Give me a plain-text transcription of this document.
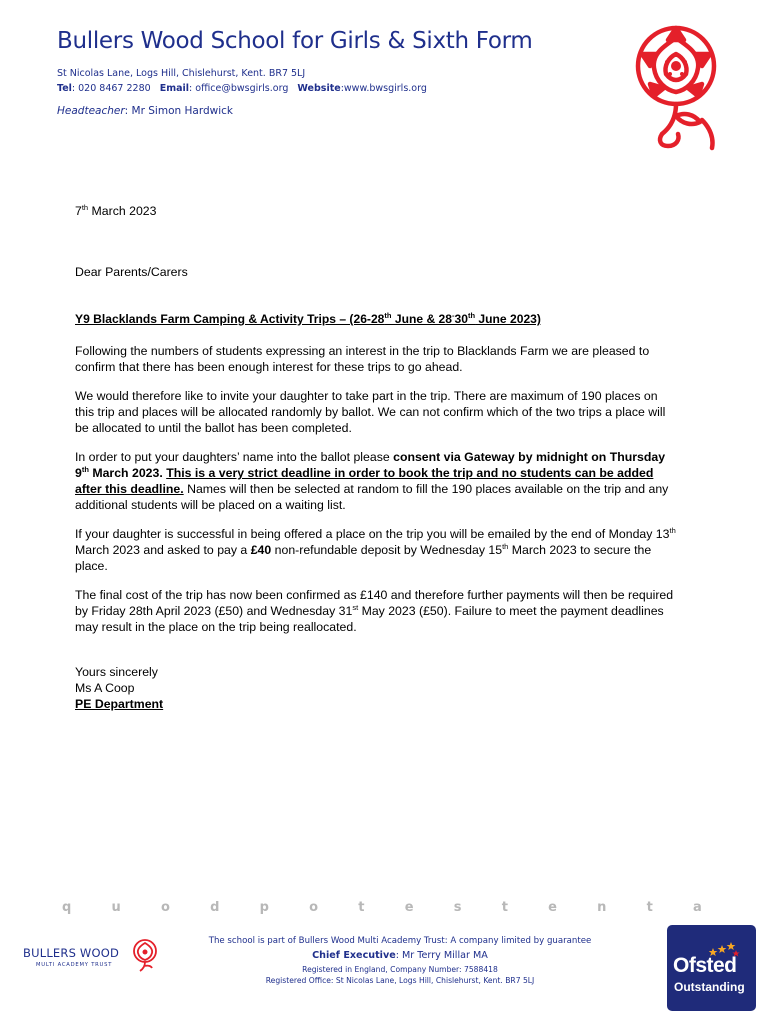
Bullers Wood School for Girls & Sixth Form
St Nicolas Lane, Logs Hill, Chislehurst, Kent. BR7 5LJ
Tel: 020 8467 2280 Email: office@bwsgirls.org Website:www.bwsgirls.org
Headteacher: Mr Simon Hardwick
7th March 2023
Dear Parents/Carers
Y9 Blacklands Farm Camping & Activity Trips – (26-28th June & 28-30th June 2023)
Following the numbers of students expressing an interest in the trip to Blacklands Farm we are pleased to confirm that there has been enough interest for these trips to go ahead.
We would therefore like to invite your daughter to take part in the trip. There are maximum of 190 places on this trip and places will be allocated randomly by ballot. We can not confirm which of the two trips a place will be allocated to until the ballot has been completed.
In order to put your daughters’ name into the ballot please consent via Gateway by midnight on Thursday 9th March 2023. This is a very strict deadline in order to book the trip and no students can be added after this deadline. Names will then be selected at random to fill the 190 places available on the trip and any additional students will be placed on a waiting list.
If your daughter is successful in being offered a place on the trip you will be emailed by the end of Monday 13th March 2023 and asked to pay a £40 non-refundable deposit by Wednesday 15th March 2023 to secure the place.
The final cost of the trip has now been confirmed as £140 and therefore further payments will then be required by Friday 28th April 2023 (£50) and Wednesday 31st May 2023 (£50). Failure to meet the payment deadlines may result in the place on the trip being reallocated.
Yours sincerely
Ms A Coop
PE Department
q	u	o	d	p	o	t	e	s	t	e	n	t	a
BULLERS WOOD
MULTI ACADEMY TRUST
The school is part of Bullers Wood Multi Academy Trust: A company limited by guarantee
Chief Executive: Mr Terry Millar MA
Registered in England, Company Number: 7588418
Registered Office: St Nicolas Lane, Logs Hill, Chislehurst, Kent. BR7 5LJ
Ofsted
Outstanding
